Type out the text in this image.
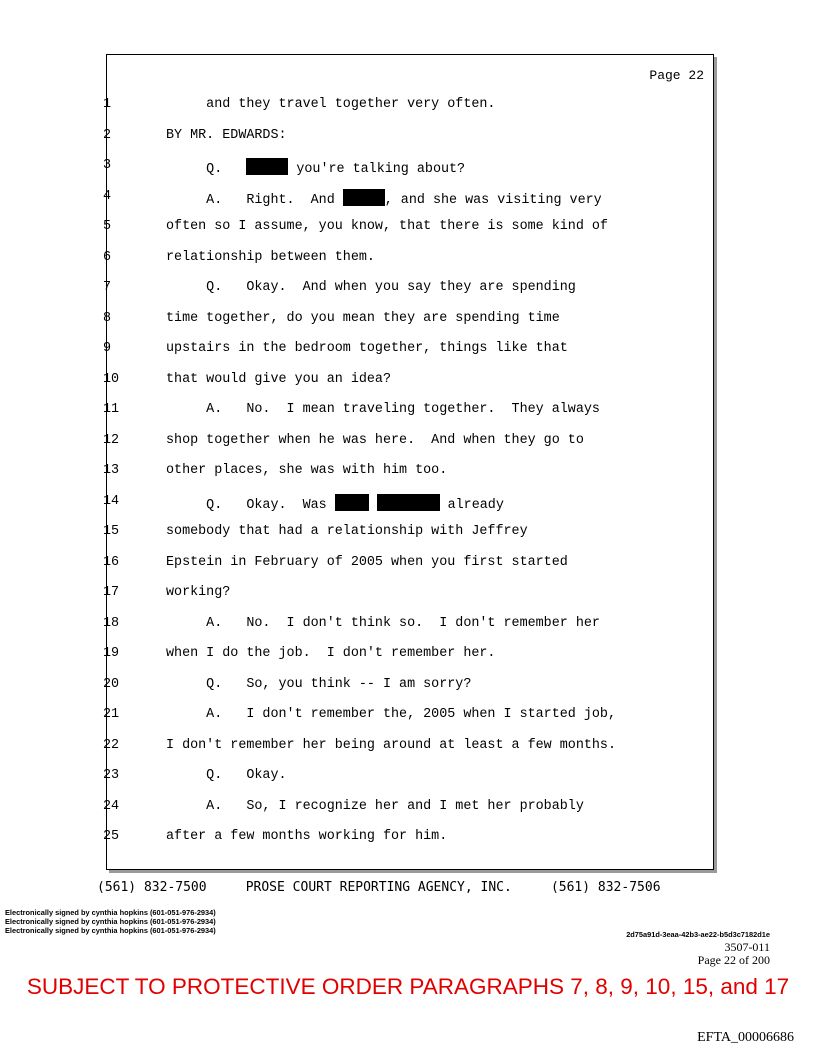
Page 22
1	and they travel together very often.
2	BY MR. EDWARDS:
3	Q.	you're talking about?
4	A.   Right.  And	, and she was visiting very
5	often so I assume, you know, that there is some kind of
6	relationship between them.
7	Q.   Okay.  And when you say they are spending
8	time together, do you mean they are spending time
9	upstairs in the bedroom together, things like that
10	that would give you an idea?
11	A.   No.  I mean traveling together.  They always
12	shop together when he was here.  And when they go to
13	other places, she was with him too.
14	Q.   Okay.  Was	already
15	somebody that had a relationship with Jeffrey
16	Epstein in February of 2005 when you first started
17	working?
18	A.   No.  I don't think so.  I don't remember her
19	when I do the job.  I don't remember her.
20	Q.   So, you think -- I am sorry?
21	A.   I don't remember the, 2005 when I started job,
22	I don't remember her being around at least a few months.
23	Q.   Okay.
24	A.   So, I recognize her and I met her probably
25	after a few months working for him.
(561) 832-7500     PROSE COURT REPORTING AGENCY, INC.     (561) 832-7506
Electronically signed by cynthia hopkins (601-051-976-2934)
Electronically signed by cynthia hopkins (601-051-976-2934)
Electronically signed by cynthia hopkins (601-051-976-2934)	2d75a91d-3eaa-42b3-ae22-b5d3c7182d1e
3507-011
Page 22 of 200
SUBJECT TO PROTECTIVE ORDER PARAGRAPHS 7, 8, 9, 10, 15, and 17
EFTA_00006686
